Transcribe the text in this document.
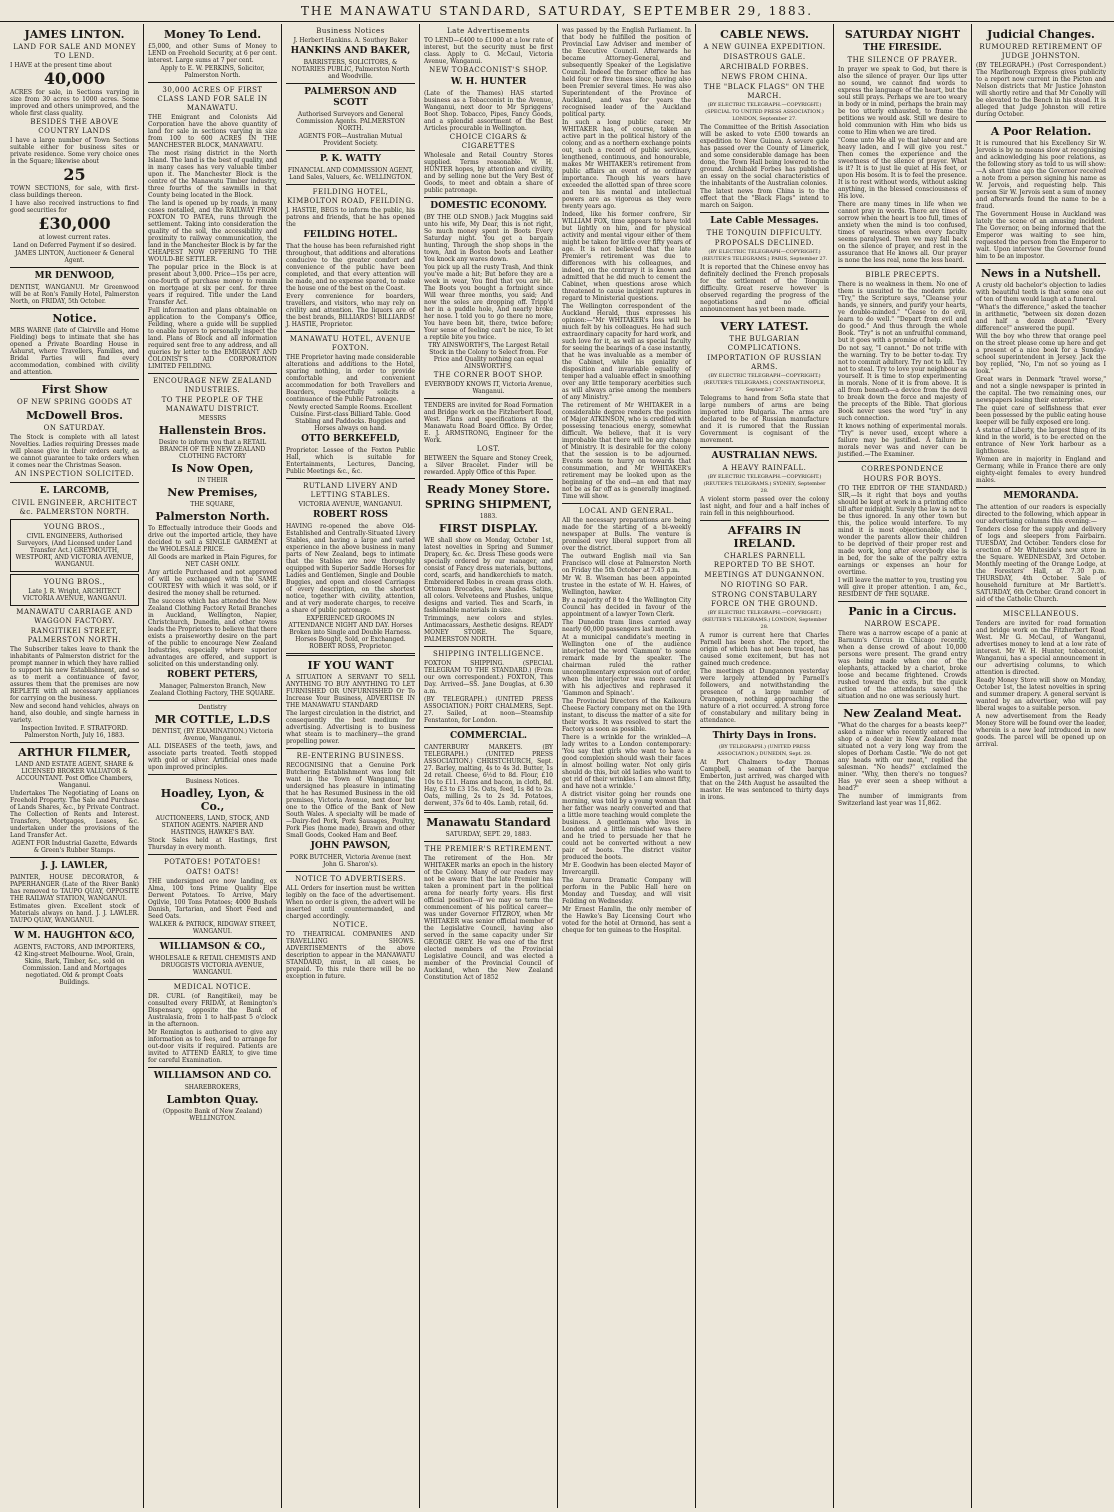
THE MANAWATU STANDARD, SATURDAY, SEPTEMBER 29, 1883.
JAMES LINTON.
LAND FOR SALE AND MONEY TO LEND.
I HAVE at the present time about
40,000
ACRES for sale, in Sections varying in size from 30 acres to 1000 acres. Some improved and others unimproved, and the whole first class quality.
BESIDES THE ABOVE COUNTRY LANDS
I have a large number of Town Sections suitable either for business sites or private residence. Some very choice ones in the Square; likewise about
25
TOWN SECTIONS, for sale, with first-class buildings thereon.
I have also received instructions to find good securities for
£30,000
at lowest current rates.
Land on Deferred Payment if so desired.
JAMES LINTON, Auctioneer & General Agent.
MR DENWOOD,
DENTIST, WANGANUI. Mr Greenwood will be at Ron's Family Hotel, Palmerston North, on FRIDAY, 5th October.
Notice.
MRS WARNE (late of Clairville and Home Fielding) begs to intimate that she has opened a Private Boarding House in Ashurst, where Travellers, Families, and Bridal Parties will find every accommodation, combined with civility and attention.
First Show
OF NEW SPRING GOODS AT
McDowell Bros.
ON SATURDAY.
The Stock is complete with all latest Novelties. Ladies requiring Dresses made will please give in their orders early, as we cannot guarantee to take orders when it comes near the Christmas Season.
AN INSPECTION SOLICITED.
E. LARCOMB,
CIVIL ENGINEER, ARCHITECT &c. PALMERSTON NORTH.
YOUNG BROS.,
CIVIL ENGINEERS, Authorised Surveyors, (And Licensed under Land Transfer Act.) GREYMOUTH, WESTPORT, AND VICTORIA AVENUE, WANGANUI.
YOUNG BROS.,
Late J. R. Wright, ARCHITECT VICTORIA AVENUE, WANGANUI.
MANAWATU CARRIAGE AND WAGGON FACTORY.
RANGITIKEI STREET, PALMERSTON NORTH.
The Subscriber takes leave to thank the inhabitants of Palmerston district for the prompt manner in which they have rallied to support his new Establishment, and so as to merit a continuance of favor, assures them that the premises are now REPLETE with all necessary appliances for carrying on the business.
New and second hand vehicles, always on hand, also double, and single harness in variety.
Inspection Invited. F. STRATFORD. Palmerston North, July 16, 1883.
ARTHUR FILMER,
LAND AND ESTATE AGENT, SHARE & LICENSED BROKER VALUATOR & ACCOUNTANT. Post Office Chambers, Wanganui.
Undertakes The Negotiating of Loans on Freehold Property. The Sale and Purchase of Lands Shares, &c., by Private Contract. The Collection of Rents and Interest. Transfers, Mortgages, Leases, &c. undertaken under the provisions of the Land Transfer Act.
AGENT FOR Industrial Gazette, Edwards & Green's Rubber Stamps.
J. J. LAWLER,
PAINTER, HOUSE DECORATOR, & PAPERHANGER (Late of the River Bank) has removed to TAUPO QUAY, OPPOSITE THE RAILWAY STATION, WANGANUI.
Estimates given. Excellent stock of Materials always on hand. J. J. LAWLER. TAUPO QUAY, WANGANUI.
W M. HAUGHTON &CO,
AGENTS, FACTORS, AND IMPORTERS, 42 King-street Melbourne. Wool, Grain, Skins, Bark, Timber, &c., sold on Commission. Land and Mortgages negotiated. Old & prompt Coats Buildings.
Money To Lend.
£5,000, and other Sums of Money to LEND on Freehold Security, at 6 per cent. interest. Large sums at 7 per cent.
Apply to E. W. PERKINS, Solicitor, Palmerston North.
30,000 ACRES OF FIRST CLASS LAND FOR SALE IN MANAWATU.
THE Emigrant and Colonists Aid Corporation have the above quantity of land for sale in sections varying in size from 100 to 600 ACRES IN THE MANCHESTER BLOCK, MANAWATU.
The most rising district in the North Island. The land is the best of quality, and in many cases has very valuable timber upon it. The Manchester Block is the centre of the Manawatu Timber industry, three fourths of the sawmills in that County being located in the Block.
The land is opened up by roads, in many cases metalled, and the RAILWAY FROM FOXTON TO PATEA, runs through the settlement. Taking into consideration the quality of the soil, the accessibility and proximity to railway communication, the land in the Manchester Block is by far the CHEAPEST NOW OFFERING TO THE WOULD-BE SETTLER.
The popular price in the Block is at present about 3,000. Price—15s per acre, one-fourth of purchase money to remain on mortgage at six per cent. for three years if required. Title under the Land Transfer Act.
Full information and plans obtainable on application to the Company's Office, Feilding, where a guide will be supplied to enable buyers to personally inspect the land. Plans of Block and all information required sent free to any address, and all queries by letter to the EMIGRANT AND COLONIST'S AID CORPORATION LIMITED FEILDING.
ENCOURAGE NEW ZEALAND INDUSTRIES.
TO THE PEOPLE OF THE MANAWATU DISTRICT.
MESSRS
Hallenstein Bros.
Desire to inform you that a RETAIL BRANCH OF THE NEW ZEALAND CLOTHING FACTORY
Is Now Open,
IN THEIR
New Premises,
THE SQUARE,
Palmerston North.
To Effectually introduce their Goods and drive out the imported article, they have decided to sell a SINGLE GARMENT at the WHOLESALE PRICE.
All Goods are marked in Plain Figures, for NET CASH ONLY.
Any article Purchased and not approved of will be exchanged with the SAME COURTESY with which it was sold, or if desired the money shall be returned.
The success which has attended the New Zealand Clothing Factory Retail Branches in Auckland, Wellington, Napier, Christchurch, Dunedin, and other towns leads the Proprietors to believe that there exists a praiseworthy desire on the part of the public to encourage New Zealand Industries, especially where superior advantages are offered, and support is solicited on this understanding only.
ROBERT PETERS,
Manager, Palmerston Branch, New Zealand Clothing Factory, THE SQUARE.
Dentistry
MR COTTLE, L.D.S
DENTIST, (BY EXAMINATION.) Victoria Avenue, Wanganui.
ALL DISEASES of the teeth, jaws, and associate parts treated. Teeth stopped with gold or silver. Artificial ones made upon improved principles.
Business Notices.
Hoadley, Lyon, & Co.,
AUCTIONEERS, LAND, STOCK, AND STATION AGENTS. NAPIER AND HASTINGS, HAWKE'S BAY.
Stock Sales held at Hastings, first Thursday in every month.
POTATOES! POTATOES!
OATS! OATS!
THE undersigned are now landing, ex Alma, 100 tons Prime Quality Elpe Derwent Potatoes. To Arrive, Mary Ogilvie, 100 Tons Potatoes; 4000 Bushels Danish, Tartarian, and Short Feed and Seed Oats.
WALKER & PATRICK, RIDGWAY STREET, WANGANUI.
WILLIAMSON & CO.,
WHOLESALE & RETAIL CHEMISTS AND DRUGGISTS VICTORIA AVENUE, WANGANUI.
MEDICAL NOTICE.
DR. CURL (of Rangitikei), may be consulted every FRIDAY, at Remington's Dispensary, opposite the Bank of Australasia, from 1 to half-past 5 o'clock in the afternoon.
Mr Remington is authorised to give any information as to fees, and to arrange for out-door visits if required. Patients are invited to ATTEND EARLY, to give time for careful Examination.
WILLIAMSON AND CO.
SHAREBROKERS,
Lambton Quay.
(Opposite Bank of New Zealand) WELLINGTON.
Business Notices
J. Herbert Hankins. A. Southey Baker
HANKINS AND BAKER,
BARRISTERS, SOLICITORS, & NOTARIES PUBLIC, Palmerston North and Woodville.
PALMERSON AND SCOTT
Authorised Surveyors and General Commission Agents. PALMERSTON NORTH.
AGENTS FOR—Australian Mutual Provident Society.
P. K. WATTY
FINANCIAL AND COMMISSION AGENT, Land Sales, Valuers, &c. WELLINGTON.
FEILDING HOTEL, KIMBOLTON ROAD, FEILDING.
J. HASTIE, BEGS to inform the public, his patrons and friends, that he has opened the
FEILDING HOTEL.
That the house has been refurnished right throughout, that additions and alterations conducive to the greater comfort and convenience of the public have been completed, and that every attention will be made, and no expense spared, to make the house one of the best on the Coast.
Every convenience for boarders, travellers, and visitors, who may rely on civility and attention. The liquors are of the best brands, BILLIARDS! BILLIARDS! J. HASTIE, Proprietor.
MANAWATU HOTEL, AVENUE FOXTON.
THE Proprietor having made considerable alterations and additions to the Hotel, sparing nothing, in order to provide comfortable and convenient accommodation for both Travellers and Boarders, respectfully solicits a continuance of the Public Patronage.
Newly erected Sample Rooms. Excellent Cuisine. First-class Billiard Table. Good Stabling and Paddocks. Buggies and Horses always on hand.
OTTO BERKEFELD,
Proprietor. Lessee of the Foxton Public Hall, which is suitable for Entertainments, Lectures, Dancing, Public Meetings &c., &c.
RUTLAND LIVERY AND LETTING STABLES.
VICTORIA AVENUE, WANGANUI.
ROBERT ROSS
HAVING re-opened the above Old-Established and Centrally-Situated Livery Stables, and having a large and varied experience in the above business in many parts of New Zealand, begs to intimate that the Stables are now thoroughly equipped with Superior Saddle Horses for Ladies and Gentlemen, Single and Double Buggies, and open and closed Carriages of every description, on the shortest notice, together with civility, attention, and at very moderate charges, to receive a share of public patronage.
EXPERIENCED GROOMS IN ATTENDANCE NIGHT AND DAY. Horses Broken into Single and Double Harness. Horses Bought, Sold, or Exchanged. ROBERT ROSS, Proprietor.
IF YOU WANT
A SITUATION A SERVANT TO SELL ANYTHING TO BUY ANYTHING TO LET FURNISHED OR UNFURNISHED Or To Increase Your Business, ADVERTISE IN THE MANAWATU STANDARD
The largest circulation in the district, and consequently the best medium for advertising. Advertising is to business what steam is to machinery—the grand propelling power.
RE-ENTERING BUSINESS.
RECOGNISING that a Genuine Pork Butchering Establishment was long felt want in the Town of Wanganui, the undersigned has pleasure in intimating that he has Resumed Business in the old premises, Victoria Avenue, next door but one to the Office of the Bank of New South Wales. A specialty will be made of—Dairy-fed Pork, Pork Sausages, Poultry, Pork Pies (home made), Brawn and other Small Goods, Cooked Ham and Beef.
JOHN PAWSON,
PORK BUTCHER, Victoria Avenue (next John G. Sharon's).
NOTICE TO ADVERTISERS.
ALL Orders for insertion must be written legibly on the face of the advertisement. When no order is given, the advert will be inserted until countermanded, and charged accordingly.
NOTICE.
TO THEATRICAL COMPANIES AND TRAVELLING SHOWS. ADVERTISEMENTS of the above description to appear in the MANAWATU STANDARD, must, in all cases, be prepaid. To this rule there will be no exception in future.
Late Advertisements
TO LEND—£400 to £1000 at a low rate of interest, but the security must be first class. Apply to G. McCaul, Victoria Avenue, Wanganui.
NEW TOBACCONIST'S SHOP.
W. H. HUNTER
(Late of the Thames) HAS started business as a Tobacconist in the Avenue, Wanganui, next door to Mr Spriggens' Boot Shop. Tobacco, Pipes, Fancy Goods, and a splendid assortment of the Best Articles procurable in Wellington.
CHOICE CIGARS & CIGARETTES
Wholesale and Retail Country Stores supplied. Terms reasonable. W. H. HUNTER hopes, by attention and civility, and by selling none but the Very Best of Goods, to meet and obtain a share of public patronage.
DOMESTIC ECONOMY.
(BY THE OLD SNOB.) Jack Muggins said unto his wife, My Dear, this is not right, So much money spent in Boots Every Saturday night. You get a bargain hunting, Through the shop shops in the town, And in Boston boots and Leather You knock any wares down.
You pick up all the rusty Trash, And think you've made a hit; But before they are a week in wear, You find that you are bit. The Boots you bought a fortnight since Will wear three months, you said; And now the soles are dropping off. Tripp'd her in a puddle hole, And nearly broke her nose. I told you to go there no more, You have been bit, there, twice before; Your sense of feeling can't be nice, To let a reptile bite you twice.
TRY AINSWORTH'S, The Largest Retail Stock in the Colony to Select from. For Price and Quality nothing can equal AINSWORTH'S.
THE CORNER BOOT SHOP.
EVERYBODY KNOWS IT, Victoria Avenue, Wanganui.
TENDERS are invited for Road Formation and Bridge work on the Fitzherbert Road, West. Plans and specifications at the Manawatu Road Board Office. By Order, E. J. ARMSTRONG, Engineer for the Work.
LOST.
BETWEEN the Square and Stoney Creek, a Silver Bracelet. Finder will be rewarded. Apply Office of this Paper.
Ready Money Store.
SPRING SHIPMENT,
1883.
FIRST DISPLAY.
WE shall show on Monday, October 1st, latest novelties in Spring and Summer Drapery, &c. &c. Dress These goods were specially ordered by our manager, and consist of Fancy dress materials, buttons, cord, scarfs, and handkerchiefs to match. Embroidered Robes in cream grass cloth. Ottoman Brocades, new shades. Satins, all colors. Velveteens and Plushes, unique designs and varied. Ties and Scarfs, in fashionable materials in size.
Trimmings, new colors and styles. Antimacassars, Aesthetic designs. READY MONEY STORE. The Square, PALMERSTON NORTH.
SHIPPING INTELLIGENCE.
FOXTON SHIPPING. (SPECIAL TELEGRAM TO THE STANDARD.) (From our own correspondent.) FOXTON, This Day. Arrived—SS. Jane Douglas, at 6.30 a.m.
(BY TELEGRAPH.) (UNITED PRESS ASSOCIATION.) PORT CHALMERS, Sept. 27. Sailed, at noon—Steamship Fenstanton, for London.
COMMERCIAL.
CANTERBURY MARKETS. (BY TELEGRAPH.) (UNITED PRESS ASSOCIATION.) CHRISTCHURCH, Sept. 27. Barley, malting, 4s to 4s 3d. Butter, 1s 2d retail. Cheese, 6½d to 8d. Flour, £10 10s to £11. Hams and bacon, in cloth, 8d. Hay, £3 to £3 15s. Oats, feed, 1s 8d to 2s. Oats, milling, 2s to 2s 3d. Potatoes, derwent, 37s 6d to 40s. Lamb, retail, 6d.
Manawatu Standard
SATURDAY, SEPT. 29, 1883.
THE PREMIER'S RETIREMENT.
The retirement of the Hon. Mr WHITAKER marks an epoch in the history of the Colony. Many of our readers may not be aware that the late Premier has taken a prominent part in the political arena for nearly forty years. His first official position—if we may so term the commencement of his political career—was under Governor FITZROY, when Mr WHITAKER was senior official member of the Legislative Council, having also served in the same capacity under Sir GEORGE GREY. He was one of the first elected members of the Provincial Legislative Council, and was elected a member of the Provincial Council of Auckland, when the New Zealand Constitution Act of 1852
was passed by the English Parliament. In that body he fulfilled the position of Provincial Law Adviser and member of the Executive Council. Afterwards he became Attorney-General, and subsequently Speaker of the Legislative Council. Indeed the former office he has held four or five times since, having also been Premier several times. He was also Superintendent of the Province of Auckland, and was for years the recognised leader of the Auckland political party.
In such a long public career, Mr WHITAKER has, of course, taken an active part in the political history of the colony, and as a northern exchange points out, such a record of public services, lengthened, continuous, and honourable, makes Mr WHITAKER's retirement from public affairs an event of no ordinary importance. Though his years have exceeded the allotted span of three score and ten his mental and intellectual powers are as vigorous as they were twenty years ago.
Indeed, like his former confrere, Sir WILLIAM FOX, time appears to have told but lightly on him, and for physical activity and mental vigour either of them might be taken for little over fifty years of age. It is not believed that the late Premier's retirement was due to differences with his colleagues, and indeed, on the contrary it is known and admitted that he did much to cement the Cabinet, when questions arose which threatened to cause incipient ruptures in regard to Ministerial questions.
The Wellington correspondent of the Auckland Herald, thus expresses his opinion:—"Mr WHITAKER's loss will be much felt by his colleagues. He had such extraordinary capacity for hard work, and such love for it, as well as special faculty for seeing the bearings of a case instantly, that he was invaluable as a member of the Cabinet, while his geniality of disposition and invariable equality of temper had a valuable effect in smoothing over any little temporary acerbities such as will always arise among the members of any Ministry."
The retirement of Mr WHITAKER in a considerable degree renders the position of Major ATKINSON, who is credited with possessing tenacious energy, somewhat difficult. We believe, that it is very improbable that there will be any change of Ministry. It is desirable for the colony that the session is to be adjourned. Events seem to hurry on towards that consummation, and Mr WHITAKER's retirement may be looked upon as the beginning of the end—an end that may not be as far off as is generally imagined. Time will show.
LOCAL AND GENERAL.
All the necessary preparations are being made for the starting of a bi-weekly newspaper at Bulls. The venture is promised very liberal support from all over the district.
The outward English mail via San Francisco will close at Palmerston North on Friday the 5th October at 7.45 p.m.
Mr W. B. Wiseman has been appointed trustee in the estate of W. H. Hawes, of Wellington, hawker.
By a majority of 8 to 4 the Wellington City Council has decided in favour of the appointment of a lawyer Town Clerk.
The Dunedin tram lines carried away nearly 60,000 passengers last month.
At a municipal candidate's meeting in Wellington one of the audience interjected the word 'Gammon' to some remark made by the speaker. The chairman ruled the rather uncomplimentary expression out of order, when the interjector was more careful with his adjectives and rephrased it 'Gammon and Spinach'.
The Provincial Directors of the Kaikoura Cheese Factory company met on the 19th instant, to discuss the matter of a site for their works. It was resolved to start the Factory as soon as possible.
There is a wrinkle for the wrinkled—A lady writes to a London contemporary: 'You say that girls who want to have a good complexion should wash their faces in almost boiling water. Not only girls should do this, but old ladies who want to get rid of their wrinkles. I am almost fifty, and have not a wrinkle.'
A district visitor going her rounds one morning, was told by a young woman that her father was nearly converted and that a little more teaching would complete the business. A gentleman who lives in London and a little mischief was there and he tried to persuade her that he could not be converted without a new pair of boots. The district visitor produced the boots.
Mr E. Goodwin has been elected Mayor of Invercargill.
The Aurora Dramatic Company will perform in the Public Hall here on Monday and Tuesday, and will visit Feilding on Wednesday.
Mr Ernest Hamlin, the only member of the Hawke's Bay Licensing Court who voted for the hotel at Ormond, has sent a cheque for ten guineas to the Hospital.
CABLE NEWS.
A NEW GUINEA EXPEDITION.
DISASTROUS GALE.
ARCHIBALD FORBES.
NEWS FROM CHINA.
THE "BLACK FLAGS" ON THE MARCH.
(BY ELECTRIC TELEGRAPH.—COPYRIGHT.) (SPECIAL TO UNITED PRESS ASSOCIATION.) LONDON, September 27.
The Committee of the British Association will be asked to vote £500 towards an expedition to New Guinea. A severe gale has passed over the County of Limerick, and some considerable damage has been done, the Town Hall being lowered to the ground. Archibald Forbes has published an essay on the social characteristics of the inhabitants of the Australian colonies.
The latest news from China is to the effect that the "Black Flags" intend to march on Saigon.
Late Cable Messages.
THE TONQUIN DIFFICULTY.
PROPOSALS DECLINED.
(BY ELECTRIC TELEGRAPH—COPYRIGHT.) (REUTER'S TELEGRAMS.) PARIS, September 27.
It is reported that the Chinese envoy has definitely declined the French proposals for the settlement of the Tonquin difficulty. Great reserve however is observed regarding the progress of the negotiations and no official announcement has yet been made.
VERY LATEST.
THE BULGARIAN COMPLICATIONS.
IMPORTATION OF RUSSIAN ARMS.
(BY ELECTRIC TELEGRAPH—COPYRIGHT.) (REUTER'S TELEGRAMS.) CONSTANTINOPLE, September 27.
Telegrams to hand from Sofia state that large numbers of arms are being imported into Bulgaria. The arms are declared to be of Russian manufacture and it is rumored that the Russian Government is cognisant of the movement.
AUSTRALIAN NEWS.
A HEAVY RAINFALL.
(BY ELECTRIC TELEGRAPH.—COPYRIGHT.) (REUTER'S TELEGRAMS.) SYDNEY, September 28.
A violent storm passed over the colony last night, and four and a half inches of rain fell in this neighbourhood.
AFFAIRS IN IRELAND.
CHARLES PARNELL REPORTED TO BE SHOT.
MEETINGS AT DUNGANNON.
NO RIOTING SO FAR.
STRONG CONSTABULARY FORCE ON THE GROUND.
(BY ELECTRIC TELEGRAPH.—COPYRIGHT.) (REUTER'S TELEGRAMS.) LONDON, September 28.
A rumor is current here that Charles Parnell has been shot. The report, the origin of which has not been traced, has caused some excitement, but has not gained much credence.
The meetings at Dungannon yesterday were largely attended by Parnell's followers, and notwithstanding the presence of a large number of Orangemen, nothing approaching the nature of a riot occurred. A strong force of constabulary and military being in attendance.
Thirty Days in Irons.
(BY TELEGRAPH.) (UNITED PRESS ASSOCIATION.) DUNEDIN, Sept. 28.
At Port Chalmers to-day Thomas Campbell, a seaman of the barque Emberton, just arrived, was charged with that on the 24th August he assaulted the master. He was sentenced to thirty days in irons.
SATURDAY NIGHT
THE FIRESIDE.
THE SILENCE OF PRAYER.
In prayer we speak to God, but there is also the silence of prayer. Our lips utter no sound, we cannot find words to express the language of the heart, but the soul still prays. Perhaps we are too weary in body or in mind, perhaps the brain may be too utterly exhausted, to frame the petitions we would ask. Still we desire to hold communion with Him who bids us come to Him when we are tired.
"Come unto Me all ye that labour and are heavy laden, and I will give you rest." Then comes the experience and the sweetness of the silence of prayer. What is it? It is to just lie quiet at His feet, or upon His bosom. It is to feel the presence. It is to rest without words, without asking anything, in the blessed consciousness of His love.
There are many times in life when we cannot pray in words. There are times of sorrow when the heart is too full, times of anxiety when the mind is too confused, times of weariness when every faculty seems paralysed. Then we may fall back on the silence of prayer, and rest in the assurance that He knows all. Our prayer is none the less real, none the less heard.
BIBLE PRECEPTS.
There is no weakness in them. No one of them is unsuited to the modern pride. "Try," the Scripture says, "Cleanse your hands, ye sinners, and purify your hearts, ye double-minded." "Cease to do evil, learn to do well." "Depart from evil and do good." And thus through the whole Book. "Try" is not an unfruitful command, but it goes with a promise of help.
Do not say, "I cannot." Do not trifle with the warning. Try to be better to-day. Try not to commit adultery. Try not to kill. Try not to steal. Try to love your neighbour as yourself. It is time to stop experimenting in morals. None of it is from above. It is all from beneath—a device from the devil to break down the force and majesty of the precepts of the Bible. That glorious Book never uses the word "try" in any such connection.
It knows nothing of experimental morals. "Try" is never used, except where a failure may be justified. A failure in morals never was and never can be justified.—The Examiner.
CORRESPONDENCE
HOURS FOR BOYS.
(TO THE EDITOR OF THE STANDARD.) SIR,—Is it right that boys and youths should be kept at work in a printing office till after midnight. Surely the law is not to be thus ignored. In any other town but this, the police would interfere. To my mind it is most objectionable, and I wonder the parents allow their children to be deprived of their proper rest and made work, long after everybody else is in bed, for the sake of the paltry extra earnings or expenses an hour for overtime.
I will leave the matter to you, trusting you will give it proper attention. I am, &c., RESIDENT OF THE SQUARE.
Panic in a Circus.
NARROW ESCAPE.
There was a narrow escape of a panic at Barnum's Circus in Chicago recently, when a dense crowd of about 10,000 persons were present. The grand entry was being made when one of the elephants, attacked by a chariot, broke loose and became frightened. Crowds rushed toward the exits, but the quick action of the attendants saved the situation and no one was seriously hurt.
New Zealand Meat.
"What do the charges for a beasts keep?" asked a miner who recently entered the shop of a dealer in New Zealand meat situated not a very long way from the slopes of Dorham Castle. "We do not get any heads with our meat," replied the salesman. "No heads?" exclaimed the miner. "Why, then there's no tongues? Has ye ever seen a sheep without a head?"
The number of immigrants from Switzerland last year was 11,862.
Judicial Changes.
RUMOURED RETIREMENT OF JUDGE JOHNSTON.
(BY TELEGRAPH.) (Post Correspondent.) The Marlborough Express gives publicity to a report now current in the Picton and Nelson districts that Mr Justice Johnston will shortly retire and that Mr Conolly will be elevated to the Bench in his stead. It is alleged that Judge Johnston will retire during October.
A Poor Relation.
It is rumoured that his Excellency Sir W. Jervois is by no means slow at recognising and acknowledging his poor relations, as the following story as told to us will show:—A short time ago the Governor received a note from a person signing his name as W. Jervois, and requesting help. This person Sir W. Jervois sent a sum of money and afterwards found the name to be a fraud.
The Government House in Auckland was lately the scene of an amusing incident. The Governor, on being informed that the Emperor was waiting to see him, requested the person from the Emperor to wait. Upon interview the Governor found him to be an impostor.
News in a Nutshell.
A crusty old bachelor's objection to ladies with beautiful teeth is that some one out of ten of them would laugh at a funeral.
"What's the difference," asked the teacher in arithmetic, "between six dozen dozen and half a dozen dozen?" "Every difference!" answered the pupil.
Will the boy who threw that orange peel on the street please come up here and get a present of a nice book for a Sunday-school superintendent in Jersey. Jack the boy replied, "No, I'm not so young as I look."
Great wars in Denmark "travel worse," and not a single newspaper is printed in the capital. The two remaining ones, our newspapers losing their enterprise.
The quiet care of selfishness that ever been possessed by the public eating house keeper will be fully exposed ere long.
A statue of Liberty, the largest thing of its kind in the world, is to be erected on the entrance of New York harbour as a lighthouse.
Women are in majority in England and Germany, while in France there are only eighty-eight females to every hundred males.
MEMORANDA.
The attention of our readers is especially directed to the following, which appear in our advertising columns this evening:—
Tenders close for the supply and delivery of logs and sleepers from Fairbairn. TUESDAY, 2nd October. Tenders close for erection of Mr Whiteside's new store in the Square. WEDNESDAY, 3rd October. Monthly meeting of the Orange Lodge, at the Foresters' Hall, at 7.30 p.m. THURSDAY, 4th October. Sale of household furniture at Mr Bartlett's. SATURDAY, 6th October. Grand concert in aid of the Catholic Church.
MISCELLANEOUS.
Tenders are invited for road formation and bridge work on the Fitzherbert Road West. Mr G. McCaul, of Wanganui, advertises money to lend at a low rate of interest. Mr W. H. Hunter, tobacconist, Wanganui, has a special announcement in our advertising columns, to which attention is directed.
Ready Money Store will show on Monday, October 1st, the latest novelties in spring and summer drapery. A general servant is wanted by an advertiser, who will pay liberal wages to a suitable person.
A new advertisement from the Ready Money Store will be found over the leader, wherein is a new leaf introduced in new goods. The parcel will be opened up on arrival.
